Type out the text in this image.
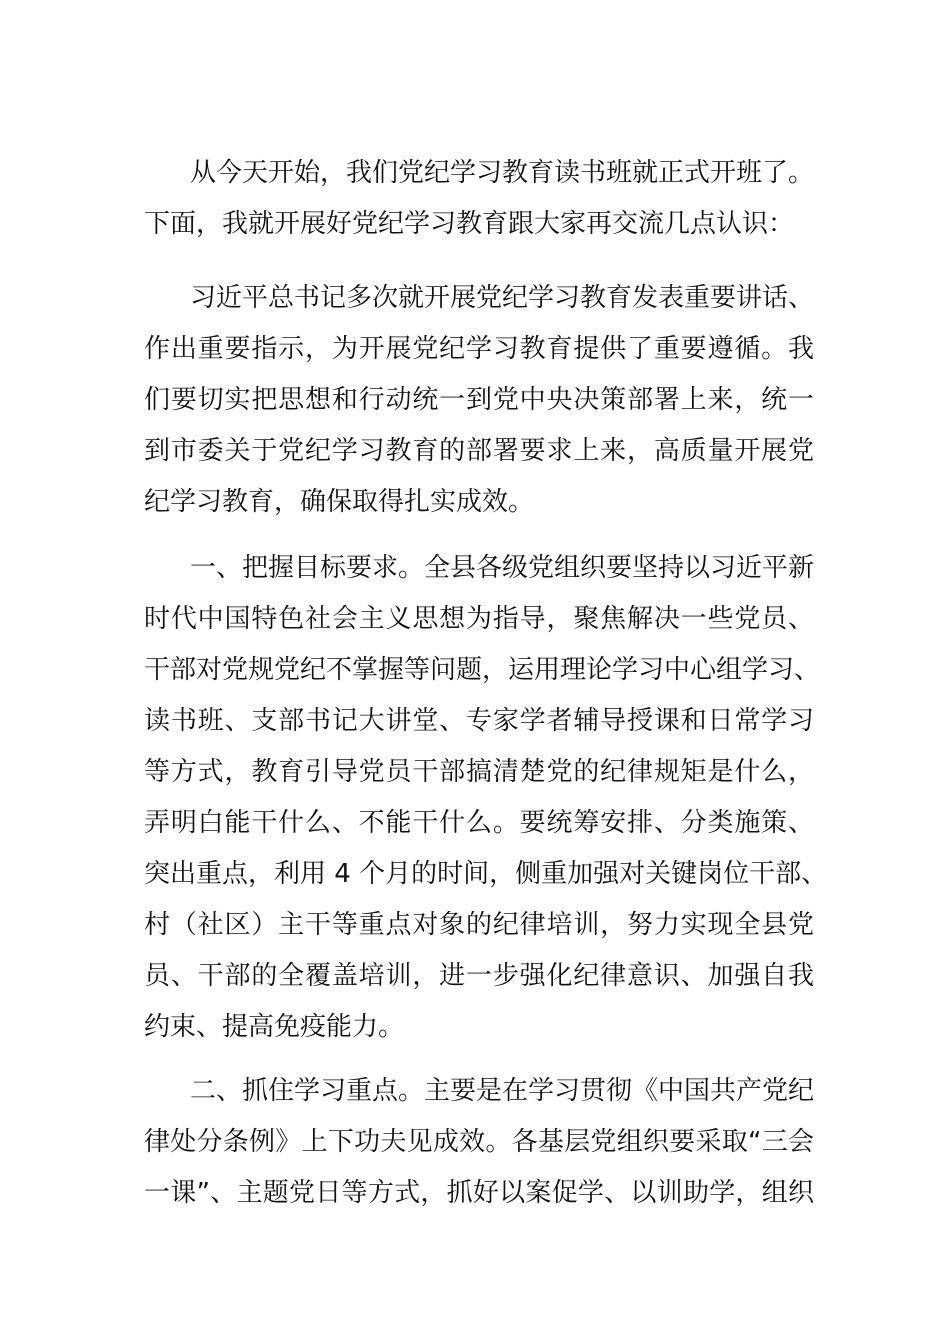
从今天开始，我们党纪学习教育读书班就正式开班了。
下面，我就开展好党纪学习教育跟大家再交流几点认识：
习近平总书记多次就开展党纪学习教育发表重要讲话、
作出重要指示，为开展党纪学习教育提供了重要遵循。我
们要切实把思想和行动统一到党中央决策部署上来，统一
到市委关于党纪学习教育的部署要求上来，高质量开展党
纪学习教育，确保取得扎实成效。
一、把握目标要求。全县各级党组织要坚持以习近平新
时代中国特色社会主义思想为指导，聚焦解决一些党员、
干部对党规党纪不掌握等问题，运用理论学习中心组学习、
读书班、支部书记大讲堂、专家学者辅导授课和日常学习
等方式，教育引导党员干部搞清楚党的纪律规矩是什么，
弄明白能干什么、不能干什么。要统筹安排、分类施策、
突出重点，利用 4 个月的时间，侧重加强对关键岗位干部、
村（社区）主干等重点对象的纪律培训，努力实现全县党
员、干部的全覆盖培训，进一步强化纪律意识、加强自我
约束、提高免疫能力。
二、抓住学习重点。主要是在学习贯彻《中国共产党纪
律处分条例》上下功夫见成效。各基层党组织要采取“三会
一课”、主题党日等方式，抓好以案促学、以训助学，组织
